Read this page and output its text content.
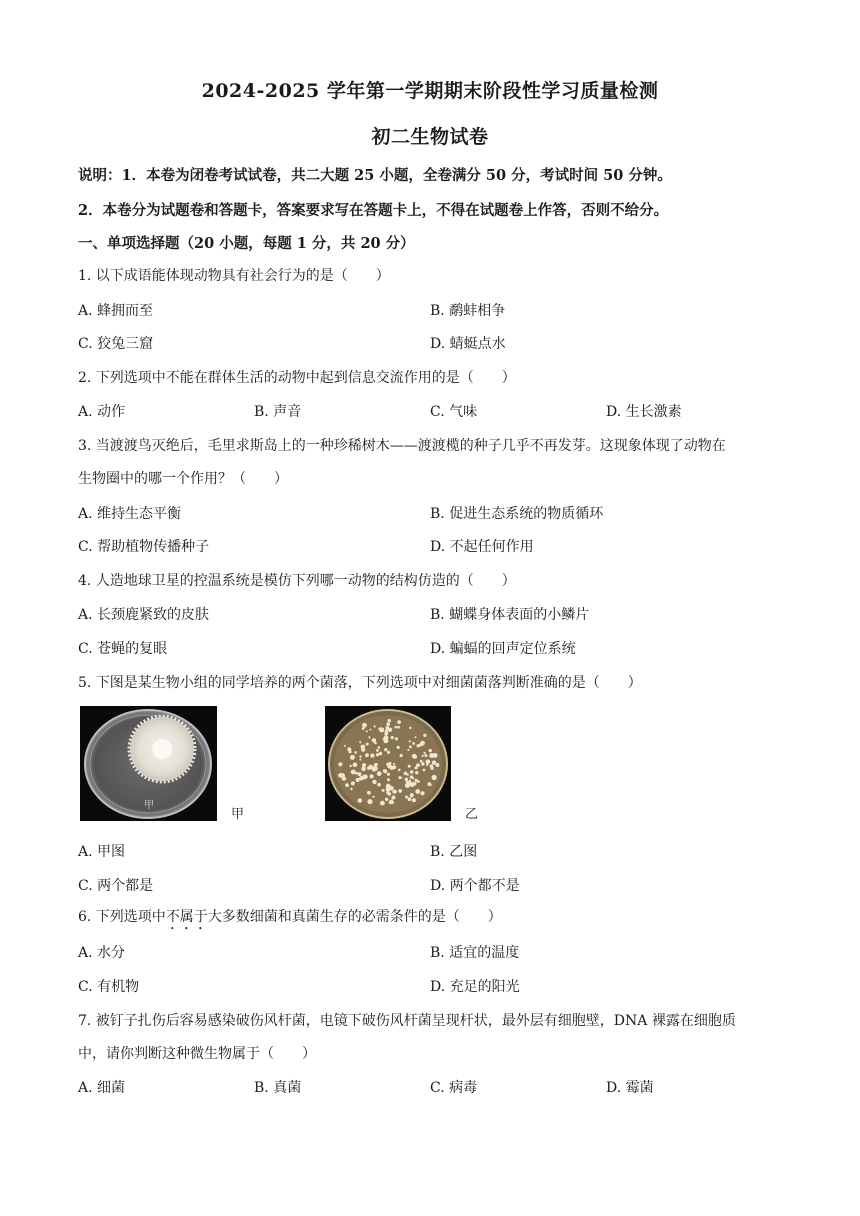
2024-2025 学年第一学期期末阶段性学习质量检测
初二生物试卷
说明：1．本卷为闭卷考试试卷，共二大题 25 小题，全卷满分 50 分，考试时间 50 分钟。
2．本卷分为试题卷和答题卡，答案要求写在答题卡上，不得在试题卷上作答，否则不给分。
一、单项选择题（20 小题，每题 1 分，共 20 分）
1. 以下成语能体现动物具有社会行为的是（　　）
A. 蜂拥而至	B. 鹬蚌相争
C. 狡兔三窟	D. 蜻蜓点水
2. 下列选项中不能在群体生活的动物中起到信息交流作用的是（　　）
A. 动作	B. 声音	C. 气味	D. 生长激素
3. 当渡渡鸟灭绝后，毛里求斯岛上的一种珍稀树木——渡渡榄的种子几乎不再发芽。这现象体现了动物在
生物圈中的哪一个作用？（　　）
A. 维持生态平衡	B. 促进生态系统的物质循环
C. 帮助植物传播种子	D. 不起任何作用
4. 人造地球卫星的控温系统是模仿下列哪一动物的结构仿造的（　　）
A. 长颈鹿紧致的皮肤	B. 蝴蝶身体表面的小鳞片
C. 苍蝇的复眼	D. 蝙蝠的回声定位系统
5. 下图是某生物小组的同学培养的两个菌落，下列选项中对细菌菌落判断准确的是（　　）
甲
甲	乙
A. 甲图	B. 乙图
C. 两个都是	D. 两个都不是
6. 下列选项中不属于大多数细菌和真菌生存的必需条件的是（　　）
A. 水分	B. 适宜的温度
C. 有机物	D. 充足的阳光
7. 被钉子扎伤后容易感染破伤风杆菌，电镜下破伤风杆菌呈现杆状，最外层有细胞壁，DNA 裸露在细胞质
中，请你判断这种微生物属于（　　）
A. 细菌	B. 真菌	C. 病毒	D. 霉菌
